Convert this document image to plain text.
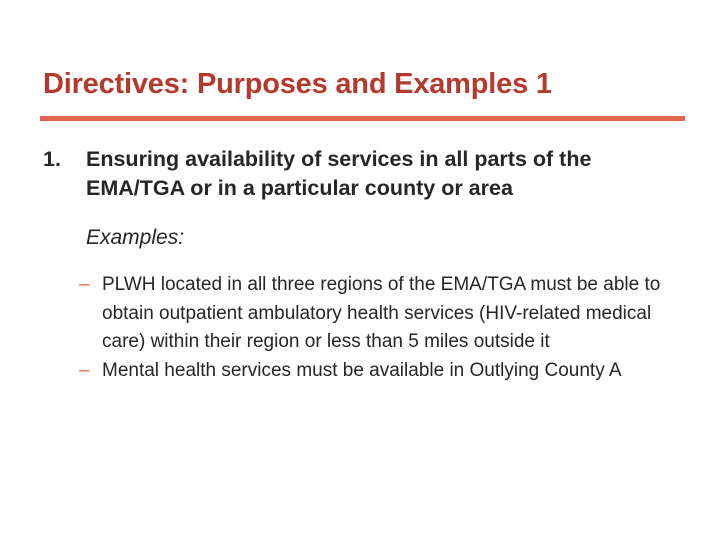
Directives: Purposes and Examples 1
1. Ensuring availability of services in all parts of the EMA/TGA or in a particular county or area
Examples:
– PLWH located in all three regions of the EMA/TGA must be able to obtain outpatient ambulatory health services (HIV-related medical care) within their region or less than 5 miles outside it
– Mental health services must be available in Outlying County A
